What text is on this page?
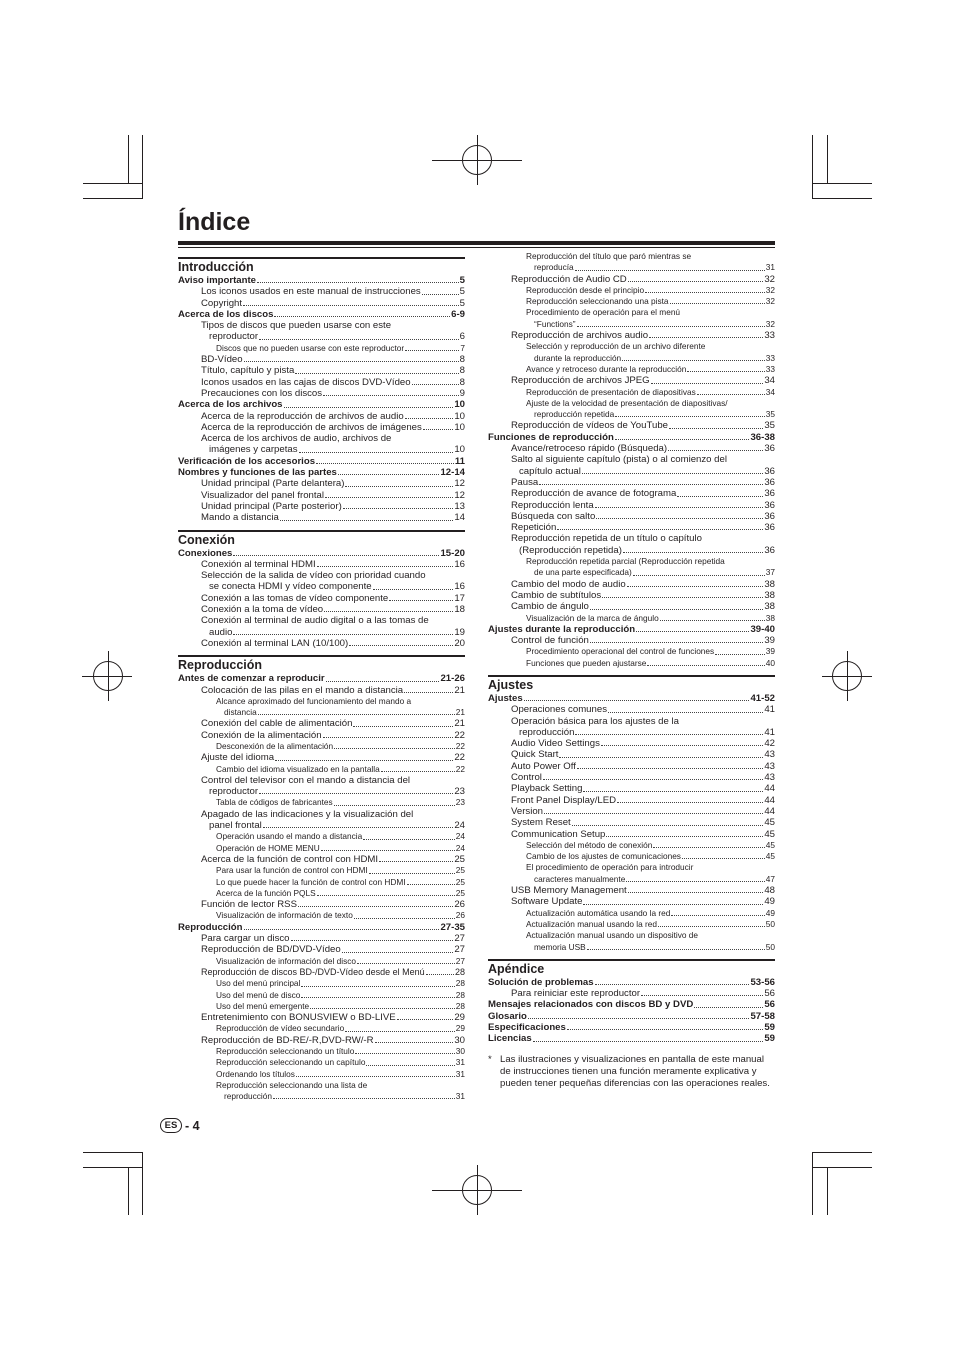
Índice
Introducción
Aviso importante	5
Los iconos usados en este manual de instrucciones	5
Copyright	5
Acerca de los discos	6-9
Tipos de discos que pueden usarse con este
reproductor	6
Discos que no pueden usarse con este reproductor	7
BD-Vídeo	8
Título, capítulo y pista	8
Iconos usados en las cajas de discos DVD-Vídeo	8
Precauciones con los discos	9
Acerca de los archivos	10
Acerca de la reproducción de archivos de audio	10
Acerca de la reproducción de archivos de imágenes	10
Acerca de los archivos de audio, archivos de
imágenes y carpetas	10
Verificación de los accesorios	11
Nombres y funciones de las partes	12-14
Unidad principal (Parte delantera)	12
Visualizador del panel frontal	12
Unidad principal (Parte posterior)	13
Mando a distancia	14
Conexión
Conexiones	15-20
Conexión al terminal HDMI	16
Selección de la salida de vídeo con prioridad cuando
se conecta HDMI y vídeo componente	16
Conexión a las tomas de vídeo componente	17
Conexión a la toma de vídeo	18
Conexión al terminal de audio digital o a las tomas de
audio	19
Conexión al terminal LAN (10/100)	20
Reproducción
Antes de comenzar a reproducir	21-26
Colocación de las pilas en el mando a distancia	21
Alcance aproximado del funcionamiento del mando a
distancia	21
Conexión del cable de alimentación	21
Conexión de la alimentación	22
Desconexión de la alimentación	22
Ajuste del idioma	22
Cambio del idioma visualizado en la pantalla	22
Control del televisor con el mando a distancia del
reproductor	23
Tabla de códigos de fabricantes	23
Apagado de las indicaciones y la visualización del
panel frontal	24
Operación usando el mando a distancia	24
Operación de HOME MENU	24
Acerca de la función de control con HDMI	25
Para usar la función de control con HDMI	25
Lo que puede hacer la función de control con HDMI	25
Acerca de la función PQLS	25
Función de lector RSS	26
Visualización de información de texto	26
Reproducción	27-35
Para cargar un disco	27
Reproducción de BD/DVD-Vídeo	27
Visualización de información del disco	27
Reproducción de discos BD-/DVD-Vídeo desde el Menú	28
Uso del menú principal	28
Uso del menú de disco	28
Uso del menú emergente	28
Entretenimiento con BONUSVIEW o BD-LIVE	29
Reproducción de vídeo secundario	29
Reproducción de BD-RE/-R,DVD-RW/-R	30
Reproducción seleccionando un título	30
Reproducción seleccionando un capítulo	31
Ordenando los títulos	31
Reproducción seleccionando una lista de
reproducción	31
Reproducción del título que paró mientras se
reproducía	31
Reproducción de Audio CD	32
Reproducción desde el principio	32
Reproducción seleccionando una pista	32
Procedimiento de operación para el menú
“Functions”	32
Reproducción de archivos audio	33
Selección y reproducción de un archivo diferente
durante la reproducción	33
Avance y retroceso durante la reproducción	33
Reproducción de archivos JPEG	34
Reproducción de presentación de diapositivas	34
Ajuste de la velocidad de presentación de diapositivas/
reproducción repetida	35
Reproducción de vídeos de YouTube	35
Funciones de reproducción	36-38
Avance/retroceso rápido (Búsqueda)	36
Salto al siguiente capítulo (pista) o al comienzo del
capítulo actual	36
Pausa	36
Reproducción de avance de fotograma	36
Reproducción lenta	36
Búsqueda con salto	36
Repetición	36
Reproducción repetida de un título o capítulo
(Reproducción repetida)	36
Reproducción repetida parcial (Reproducción repetida
de una parte especificada)	37
Cambio del modo de audio	38
Cambio de subtítulos	38
Cambio de ángulo	38
Visualización de la marca de ángulo	38
Ajustes durante la reproducción	39-40
Control de función	39
Procedimiento operacional del control de funciones	39
Funciones que pueden ajustarse	40
Ajustes
Ajustes	41-52
Operaciones comunes	41
Operación básica para los ajustes de la
reproducción	41
Audio Video Settings	42
Quick Start	43
Auto Power Off	43
Control	43
Playback Setting	44
Front Panel Display/LED	44
Version	44
System Reset	45
Communication Setup	45
Selección del método de conexión	45
Cambio de los ajustes de comunicaciones	45
El procedimiento de operación para introducir
caracteres manualmente	47
USB Memory Management	48
Software Update	49
Actualización automática usando la red	49
Actualización manual usando la red	50
Actualización manual usando un dispositivo de
memoria USB	50
Apéndice
Solución de problemas	53-56
Para reiniciar este reproductor	56
Mensajes relacionados con discos BD y DVD	56
Glosario	57-58
Especificaciones	59
Licencias	59
* Las ilustraciones y visualizaciones en pantalla de este manual de instrucciones tienen una función meramente explicativa y pueden tener pequeñas diferencias con las operaciones reales.
ES - 4
